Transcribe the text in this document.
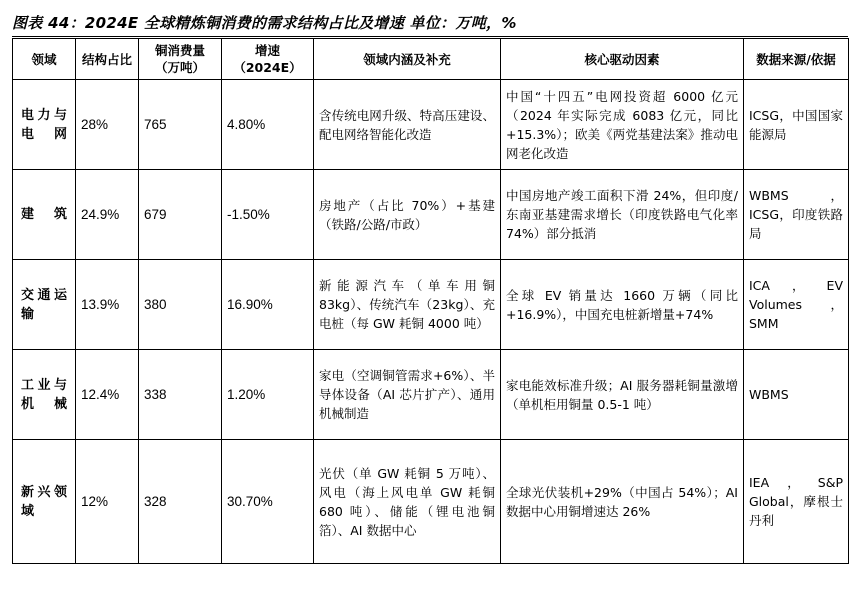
图表 44：2024E 全球精炼铜消费的需求结构占比及增速 单位：万吨，%
领域	结构占比	铜消费量（万吨）	增速（2024E）	领域内涵及补充	核心驱动因素	数据来源/依据
电力与电网	28%	765	4.80%	含传统电网升级、特高压建设、配电网络智能化改造	中国“十四五”电网投资超 6000 亿元（2024 年实际完成 6083 亿元，同比+15.3%）；欧美《两党基建法案》推动电网老化改造	ICSG，中国国家能源局
建筑	24.9%	679	-1.50%	房地产（占比 70%）+基建（铁路/公路/市政）	中国房地产竣工面积下滑 24%，但印度/东南亚基建需求增长（印度铁路电气化率 74%）部分抵消	WBMS，ICSG，印度铁路局
交通运输	13.9%	380	16.90%	新能源汽车（单车用铜 83kg）、传统汽车（23kg）、充电桩（每 GW 耗铜 4000 吨）	全球 EV 销量达 1660 万辆（同比+16.9%），中国充电桩新增量+74%	ICA，EV Volumes，SMM
工业与机械	12.4%	338	1.20%	家电（空调铜管需求+6%）、半导体设备（AI 芯片扩产）、通用机械制造	家电能效标准升级；AI 服务器耗铜量激增（单机柜用铜量 0.5-1 吨）	WBMS
新兴领域	12%	328	30.70%	光伏（单 GW 耗铜 5 万吨）、风电（海上风电单 GW 耗铜 680 吨）、储能（锂电池铜箔）、AI 数据中心	全球光伏装机+29%（中国占 54%）；AI 数据中心用铜增速达 26%	IEA，S&P Global，摩根士丹利
